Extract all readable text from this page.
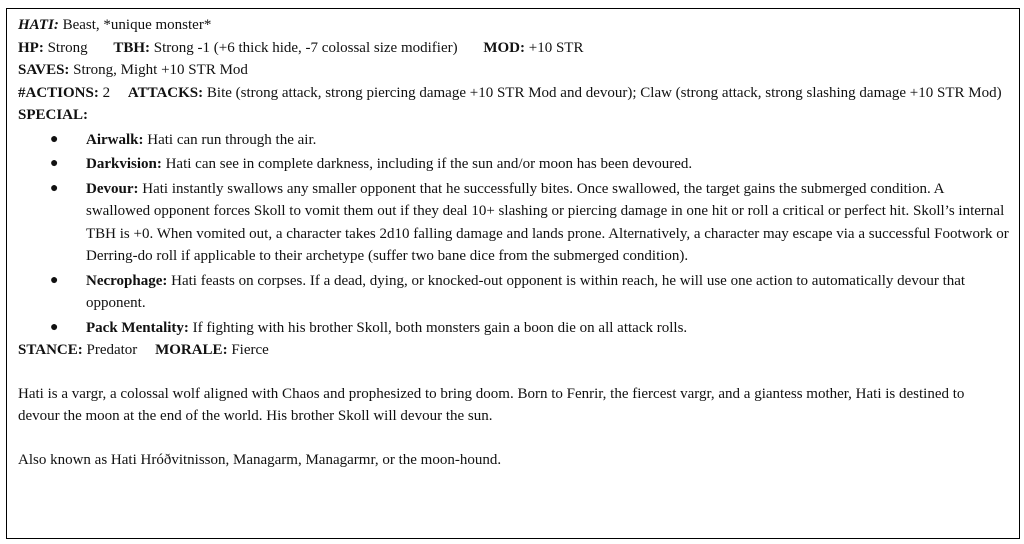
HATI: Beast, *unique monster*

HP: Strong TBH: Strong -1 (+6 thick hide, -7 colossal size modifier) MOD: +10 STR

SAVES: Strong, Might +10 STR Mod

#ACTIONS: 2 ATTACKS: Bite (strong attack, strong piercing damage +10 STR Mod and devour); Claw (strong attack, strong slashing damage +10 STR Mod)

SPECIAL:

● Airwalk: Hati can run through the air.
● Darkvision: Hati can see in complete darkness, including if the sun and/or moon has been devoured.
● Devour: Hati instantly swallows any smaller opponent that he successfully bites. Once swallowed, the target gains the submerged condition. A swallowed opponent forces Skoll to vomit them out if they deal 10+ slashing or piercing damage in one hit or roll a critical or perfect hit. Skoll’s internal TBH is +0. When vomited out, a character takes 2d10 falling damage and lands prone. Alternatively, a character may escape via a successful Footwork or Derring-do roll if applicable to their archetype (suffer two bane dice from the submerged condition).
● Necrophage: Hati feasts on corpses. If a dead, dying, or knocked-out opponent is within reach, he will use one action to automatically devour that opponent.
● Pack Mentality: If fighting with his brother Skoll, both monsters gain a boon die on all attack rolls.

STANCE: Predator MORALE: Fierce

Hati is a vargr, a colossal wolf aligned with Chaos and prophesized to bring doom. Born to Fenrir, the fiercest vargr, and a giantess mother, Hati is destined to devour the moon at the end of the world. His brother Skoll will devour the sun.

Also known as Hati Hróðvitnisson, Managarm, Managarmr, or the moon-hound.
